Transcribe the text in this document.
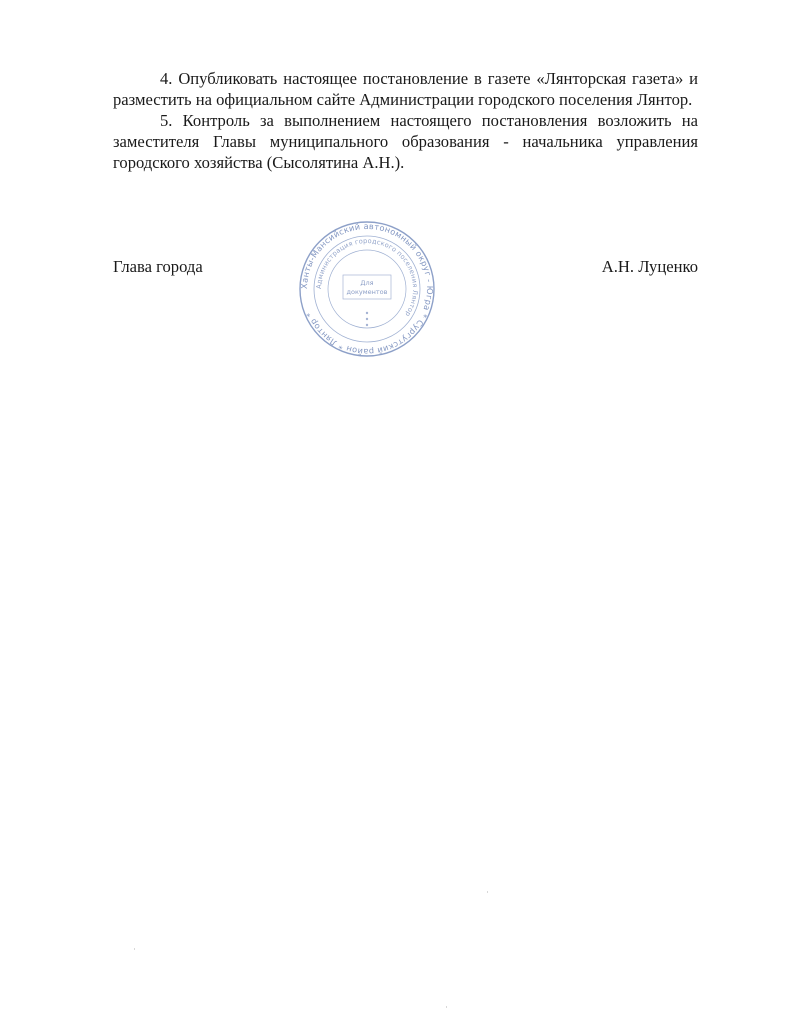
4. Опубликовать настоящее постановление в газете «Лянторская газета» и разместить на официальном сайте Администрации городского поселения Лянтор.

5. Контроль за выполнением настоящего постановления возложить на заместителя Главы муниципального образования - начальника управления городского хозяйства (Сысолятина А.Н.).

Глава города	А.Н. Луценко
Ханты-Мансийский автономный округ - Югра * Сургутский район * Лянтор *
Администрация городского поселения Лянтор
Для
документов
